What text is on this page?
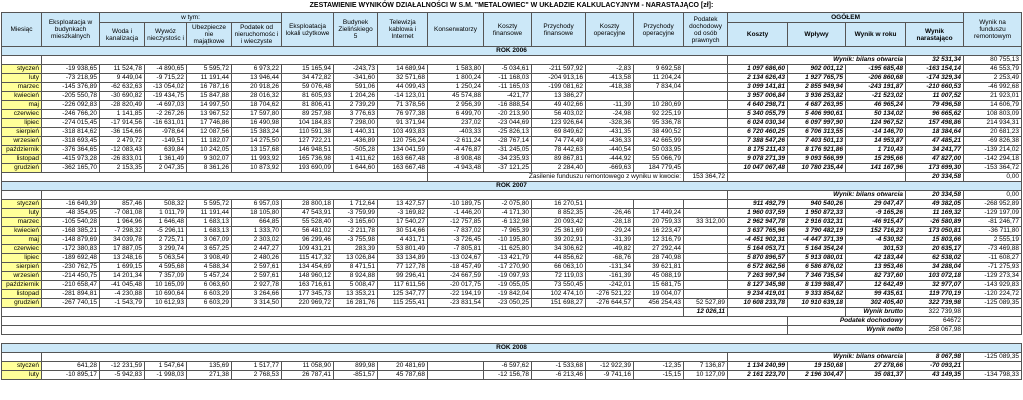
ZESTAWIENIE WYNIKÓW DZIAŁALNOŚCI W S.M. "METALOWIEC" W UKŁADZIE KALKULACYJNYM - NARASTAJĄCO [zł]:
Miesiąc	Eksploatacja w budynkach mieszkalnych	w tym:				Eksploatacja lokali użytkowe	Budynek Zielińskiego 5	Telewizja kablowa i Internet	Konserwatorzy	Koszty finansowe	Przychody finansowe	Koszty operacyjne	Przychody operacyjne	Podatek dochodowy od osób prawnych	OGÓŁEM				Wynik na funduszu remontowym
		Woda i kanalizacja	Wywóz nieczystośc i	Ubezpiecze nie majątkowe	Podatek od nieruchomośc i i wieczyste										Koszty	Wpływy	Wynik w roku	Wynik narastająco	

ROK 2006																			
															Wynik: bilans otwarcia			32 531,34	80 755,13
styczeń	-19 938,65	11 524,78	-4 890,65	5 595,72	6 973,22	15 165,94	-243,73	14 689,94	1 583,80	-5 034,61	-211 597,92	-2,83	9 692,58		1 097 686,60	902 001,12	-195 685,48	-163 154,14	46 553,79
luty	-73 218,95	9 449,04	-9 715,22	11 191,44	13 946,44	34 472,82	-341,60	32 571,68	1 800,24	-11 168,03	-204 913,16	-413,58	11 204,24		2 134 626,43	1 927 765,75	-206 860,68	-174 329,34	2 253,49
marzec	-145 376,89	-62 632,63	-13 054,02	16 787,16	20 918,26	59 076,48	591,06	44 099,43	1 250,24	-11 165,03	-199 081,62	-418,38	7 834,04		3 099 141,81	2 855 949,94	-243 191,87	-210 660,53	-46 992,68
kwiecień	-205 550,78	-30 690,82	-19 434,75	15 847,88	28 016,32	81 605,93	1 204,26	-14 123,01	45 574,88	-421,77	13 386,27				3 957 006,84	3 936 253,82	-21 523,02	11 007,52	21 923,01
maj	-226 092,83	-28 820,49	-4 697,03	14 997,50	18 704,62	81 806,41	2 739,29	71 378,56	2 956,39	-16 888,54	49 402,66	-11,39	10 280,69		4 640 298,71	4 687 263,95	46 965,24	79 496,58	14 606,79
czerwiec	-246 766,20	1 141,85	-2 267,26	13 967,52	17 597,80	89 257,98	3 776,63	76 977,38	6 499,70	-20 213,90	56 403,02	-24,98	92 225,19		5 340 055,79	5 406 990,61	50 134,02	96 665,62	108 803,09
lipiec	-274 015,45	-17 914,56	-16 631,01	17 746,86	16 490,98	104 184,83	7 298,00	91 371,94	237,02	-23 044,69	123 926,64	-328,36	95 336,78		6 024 030,34	6 097 997,90	124 967,52	157 498,86	214 934,31
sierpień	-318 814,62	-36 154,66	-978,64	12 087,56	15 383,24	110 591,38	1 440,31	103 493,83	-403,33	-25 826,13	69 849,62	-431,35	38 490,52		6 720 460,25	6 706 313,55	-14 146,70	18 384,64	20 681,23
wrzesień	-318 693,45	2 479,72	-149,51	11 182,07	14 275,50	127 722,21	-436,89	120 756,24	-2 611,24	-28 767,14	74 774,49	-436,33	42 665,99		7 388 547,26	7 403 501,13	14 953,87	47 485,21	-69 826,38
październik	-376 364,65	-12 083,43	639,84	10 242,05	13 157,68	146 948,51	-505,28	134 041,59	-4 476,87	-31 245,05	78 442,63	-440,54	50 033,95		8 175 211,43	8 176 921,86	1 710,43	34 241,77	-139 214,02
listopad	-415 973,28	-26 833,01	1 361,49	9 302,07	11 993,92	165 736,98	1 411,62	163 667,48	-8 908,48	-34 235,93	89 867,81	-444,92	55 066,79		9 078 271,39	9 093 566,99	15 295,66	47 827,00	-142 294,18
grudzień	-362 165,70	2 153,35	2 047,35	8 361,26	10 873,92	193 690,09	1 644,60	163 667,48	-4 943,48	-37 121,25	2 284,40	-669,63	184 779,45		10 047 067,48	10 780 235,44	141 167,96	173 699,30	-153 364,72
									Zasilenie funduszu remontowego z wyniku w kwocie:					153 364,72				20 334,58	0,00
ROK 2007																			
															Wynik: bilans otwarcia			20 334,58	0,00
styczeń	-16 649,39	857,46	508,32	5 595,72	6 957,03	28 800,18	1 712,64	13 427,57	-10 189,75	-2 075,80	16 270,51				911 492,79	940 540,26	29 047,47	49 382,05	-268 952,89
luty	-48 354,95	-7 081,08	1 011,79	11 191,44	18 105,80	47 543,91	-3 759,99	-3 169,82	-1 446,20	-4 171,30	8 852,35	-26,46	17 449,24		1 960 037,59	1 950 872,33	-9 165,26	11 169,32	-129 197,09
marzec	-105 540,28	1 964,96	1 646,48	1 683,13	664,85	55 528,40	-3 165,60	17 540,27	-12 757,85	-6 132,98	20 093,42	-28,18	20 759,33	33 312,00	2 962 947,78	2 916 032,31	-46 915,47	-26 580,89	-81 246,77
kwiecień	-168 385,21	-7 298,32	-5 296,11	1 683,13	1 333,70	56 481,02	-2 211,78	30 514,66	-7 837,02	-7 965,39	25 361,69	-29,24	16 223,47		3 637 765,96	3 790 482,19	152 716,23	173 050,81	-36 711,80
maj	-148 879,69	34 039,78	2 725,71	3 067,09	2 303,02	96 299,46	-3 755,98	4 431,71	-3 726,45	-10 195,80	39 202,91	-31,39	12 316,79		-4 451 902,31	-4 447 371,39	-4 530,92	15 803,66	2 555,19
czerwiec	-172 380,83	17 887,05	3 299,74	3 657,25	2 447,27	109 431,21	283,39	53 801,49	-7 805,81	-11 625,80	34 306,62	-49,82	27 292,44		5 164 053,71	5 164 354,24	301,53	20 635,17	-73 469,88
lipiec	-189 692,48	13 248,16	5 063,54	3 908,49	2 480,26	115 417,32	13 026,84	33 134,89	-13 024,67	-13 421,79	44 856,62	-68,76	28 740,98		5 870 896,57	5 913 080,01	42 183,44	62 538,02	-11 608,27
sierpień	-230 762,75	1 699,15	4 595,68	4 588,34	2 597,61	134 454,69	8 471,51	77 127,78	-18 457,49	-17 270,90	66 063,10	-131,34	39 621,81		6 572 862,56	6 586 876,02	13 953,46	34 288,04	-71 275,93
wrzesień	-214 450,75	14 201,34	7 357,09	5 457,24	2 597,61	148 960,12	8 924,88	99 296,41	-24 667,59	-19 097,93	72 119,03	-161,39	45 088,19		7 263 997,94	7 346 735,54	82 737,60	103 072,18	-129 273,34
październik	-210 658,47	-41 045,48	10 165,09	6 063,60	2 927,78	163 716,61	5 008,47	117 611,56	-20 017,75	-19 055,05	73 550,45	-242,01	15 681,75		8 127 345,98	8 139 988,47	12 642,49	32 977,07	-143 929,83
listopad	-281 894,81	-4 230,88	10 690,64	6 603,29	3 264,66	177 345,73	13 353,21	125 347,77	-22 194,19	-19 842,04	102 474,10	-276 521,22	19 004,07		9 234 419,01	9 333 854,62	99 435,61	119 770,19	-120 224,72
grudzień	-267 740,15	-1 543,79	10 612,93	6 603,29	3 314,50	220 969,72	16 281,76	115 255,41	-23 831,54	-23 050,25	151 698,27	-276 644,57	456 254,43	52 527,89	10 608 233,78	10 910 639,18	302 405,40	322 739,98	-125 089,35
														12 026,11			Wynik brutto	322 739,98	
																Podatek dochodowy		64672	
																Wynik netto		258 067,98	

ROK 2008																			
															Wynik: bilans otwarcia			8 067,98	-125 089,35
styczeń	641,28	-12 231,59	1 547,64	135,69	1 517,77	11 058,90	899,98	20 481,69		-6 597,62	-1 533,68	-12 922,39	-12,35	7 136,87	1 134 240,99	19 150,68	27 278,66	-70 093,21	
luty	-10 895,17	-5 942,83	-1 998,03	271,38	2 768,53	26 787,41	-851,57	45 787,68		-12 156,78	-6 213,46	-9 741,16	-15,15	10 127,09	2 161 223,70	2 196 304,47	35 081,37	43 149,35	-134 798,33
